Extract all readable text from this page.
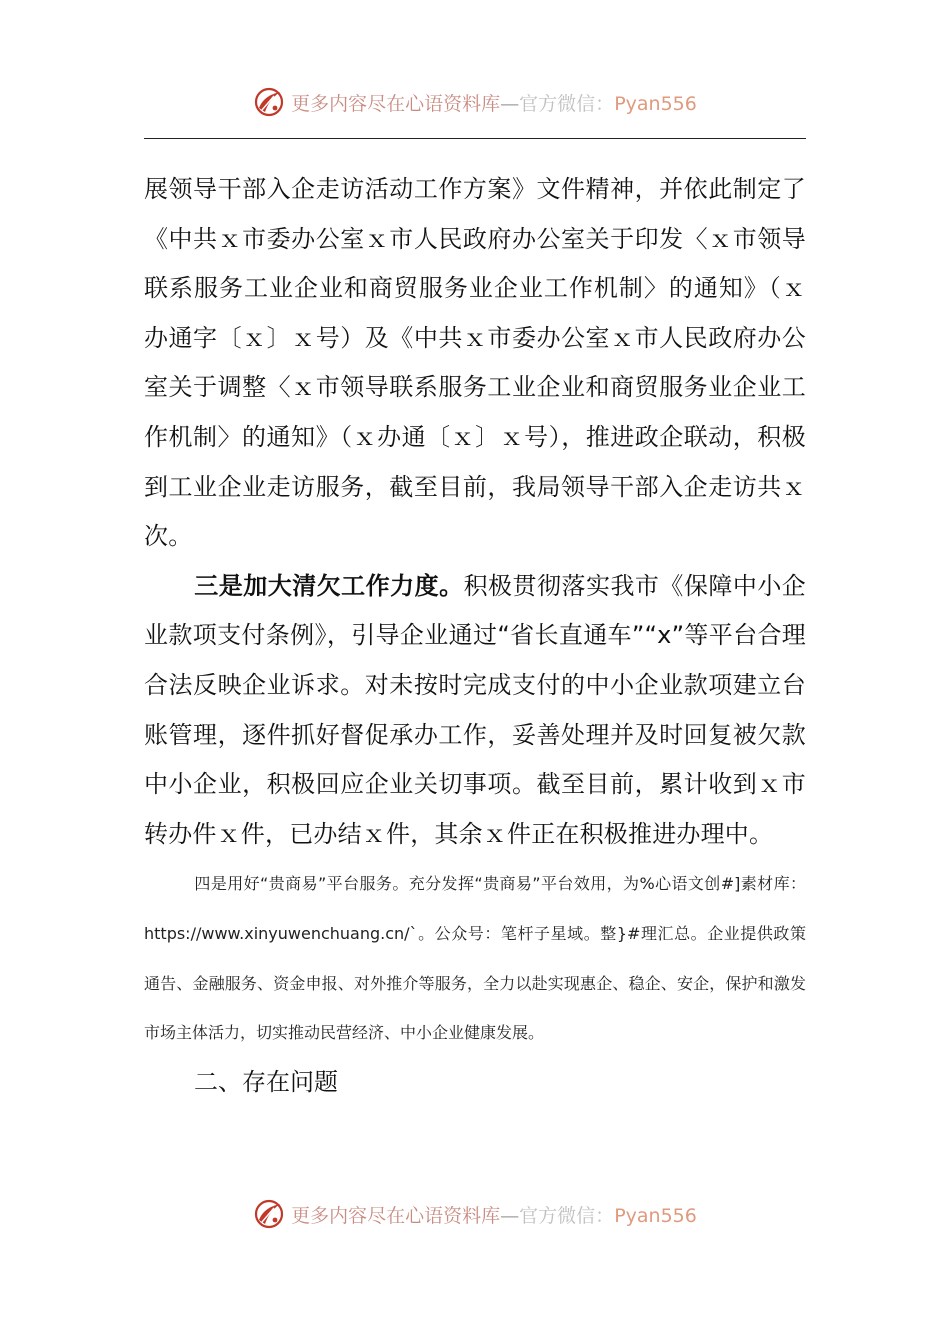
更多内容尽在心语资料库—官方微信：Pyan556

展领导干部入企走访活动工作方案》文件精神，并依此制定了《中共ｘ市委办公室ｘ市人民政府办公室关于印发〈ｘ市领导联系服务工业企业和商贸服务业企业工作机制〉的通知》（ｘ办通字〔ｘ〕ｘ号）及《中共ｘ市委办公室ｘ市人民政府办公室关于调整〈ｘ市领导联系服务工业企业和商贸服务业企业工作机制〉的通知》（ｘ办通〔ｘ〕ｘ号），推进政企联动，积极到工业企业走访服务，截至目前，我局领导干部入企走访共ｘ次。

三是加大清欠工作力度。积极贯彻落实我市《保障中小企业款项支付条例》，引导企业通过“省长直通车”“x”等平台合理合法反映企业诉求。对未按时完成支付的中小企业款项建立台账管理，逐件抓好督促承办工作，妥善处理并及时回复被欠款中小企业，积极回应企业关切事项。截至目前，累计收到ｘ市转办件ｘ件，已办结ｘ件，其余ｘ件正在积极推进办理中。

四是用好“贵商易”平台服务。充分发挥“贵商易”平台效用，为%心语文创#]素材库：https://www.xinyuwenchuang.cn/`。公众号：笔杆子星域。整}#理汇总。企业提供政策通告、金融服务、资金申报、对外推介等服务，全力以赴实现惠企、稳企、安企，保护和激发市场主体活力，切实推动民营经济、中小企业健康发展。

二、存在问题

更多内容尽在心语资料库—官方微信：Pyan556
